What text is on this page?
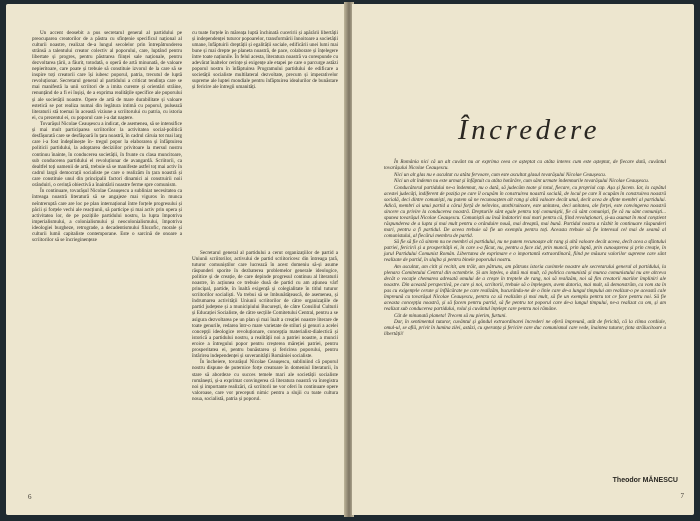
Un accent deosebit a pus secretarul general al partidului pe preocuparea creatorilor de a păstra cu sfințenie specificul național al culturii noastre, realizat de-a lungul secolelor prin întrepătrunderea strânsă a talentului creator colectiv al poporului, care, luptând pentru libertate și progres, pentru păstrarea ființei sale naționale, pentru dezvoltarea țării, a făurit, totodată, o operă de artă minunată, de valoare nepieritoare, care poate și trebuie să constituie izvorul de la care să se inspire toți creatorii care își iubesc poporul, patria, trecutul de luptă revoluționar. Secretarul general al partidului a criticat tendința care se mai manifestă la unii scriitori de a imita curente și orientări străine, renunțând de a fi ei înșiși, de a exprima realitățile specifice ale poporului și ale societății noastre. Opere de artă de mare durabilitate și valoare estetică se pot realiza numai din legătura intimă cu poporul, pulsează literaturii stă toemai în această viziune a scriitorului cu patria, cu istoria ei, cu prezentul ei, cu poporul care i-a dat naștere.

Tovarășul Nicolae Ceaușescu a indicat, de asemenea, să se intensifice și mai mult participarea scriitorilor la activitatea social-politică desfășurată care se desfășoară în țara noastră, în cadrul căruia tot mai larg care i-a fost îndeplinește în- tregul popor la elaborarea și înfăptuirea politicii partidului, la adoptarea deciziilor privitoare la mersul nostru continuu înainte, în conducerea societății, în frunte cu clasa muncitoare, sub conducerea partidului el revoluționar de avangardă. Scriitorii, ca dealtfel toți oamenii de artă, trebuie să se manifeste astfel toț mai activ în cadrul largii democrații socialiste pe care o realizăm în țara noastră și care constituie unul din principalii factori dinamici ai construirii noii orânduiri, o cerință obiectivă a înaintării noastre ferme spre comunism.

În continuare, tovarășul Nicolae Ceaușescu a subliniat necesitatea ca întreaga noastră literatură să se angajeze mai viguros în munca neîntreruptă care are loc pe plan internațional între forțele progresului și păcii și forțele vechi ale reacțiunii, să participe și mai activ prin opera și activitatea lor, de pe pozițiile partidului nostru, la lupta împotriva imperialismului, a colonialismului și neocolonialismului, împotriva ideologiei burgheze, retrograde, a decadentismului filozofic, morale și culturii lumii capitaliste contemporane. Este o sarcină de onoare a scriitorilor să se încrieginențeze

cu toate forțele în măreața luptă închinată cuceririi și apărării libertății și independenței tuturor popoarelor, transformării înnoitoare a societății umane, înfăptuirii dreptății și egalității sociale, edificării unei lumi mai bune și mai drepte pe planeta noastră, de pace, colaborare și înțelegere între toate națiunile. În felul acesta, literatura noastră va corespunde cu adevărat înaltelor cerințe și exigențe ale etapei pe care o parcurge astăzi poporul nostru în înfăptuirea Programului partidului de edificare a societății socialiste multilateral dezvoltate, precum și imperativelor supreme ale luptei mondiale pentru înfăptuirea idealurilor de bunăstare și fericire ale întregii umanități.

Secretarul general al partidului a cerut organizațiilor de partid a Uniunii scriitorilor, activului de partid scriitoricesc din întreaga țară, tuturor comuniștilor care lucrează în acest domeniu să-și asume răspunderi sporite în dezbaterea problemelor generale ideologice, politice și de creație, de care depinde progresul continuu al literaturii noastre, în acțiunea ce trebuie dusă de partid cu am ațiunea vârf principal, partide, în înaltă exigență și colegialitate în titlul tuturor scriitorilor socialiști. Va trebui să se îmbunătățească, de asemenea, și îndrumarea activității Uniunii scriitorilor de către organizațiile de partid județene și a municipiului București, de către Consiliul Culturii și Educației Socialiste, de către secțiile Comitetului Central, pentru a se asigura dezvoltarea pe un plan și mai înalt a creației noastre literare de toate genurile, redarea într-o mare varietate de stiluri și genuri a acelei concepții ideologice revoluționare, concepția materialist-dialectică și istorică a partidului nostru, a realității noi a patriei noastre, a muncii eroice a întregului popor pentru creșterea măreției patriei, pentru prosperitatea ei, pentru bunăstarea și fericirea poporului, pentru întărirea independenței și suveranității României socialiste.

În încheiere, tovarășul Nicolae Ceaușescu, subliniind că poporul nostru dispune de puternice forțe creatoare în domeniul literaturii, în stare să abordeze cu succes temele mari ale societății socialiste românești, și-a exprimat convingerea că literatura noastră va înregistra noi și importante realizări, că scriitorii ne vor oferi în continuare opere valoroase, care vor preceputi nimic pentru a slujii cu toate cultura noua, socialistă, patria și poporul.

6
Încredere

În România nici că un alt cuvânt nu ar exprima ceea ce așteptat ca atâta interes cum este așteptat, de fiecare dată, cuvântul tovarășului Nicolae Ceaușescu.

Nici un alt glas nu e ascultat cu atâta fervoare, cum este ascultat glasul tovarășului Nicolae Ceaușescu.

Nici un alt îndemn nu este urmat și înfăptuit cu atâta hotărâre, cum sânt urmate îndemnurile tovarășului Nicolae Ceaușescu.

Conducătorul partidului ne-a îndemnat, nu o dată, să judecăm toate și totul, fiecare, cu propriul cap. Așa și facem. Iar, la capătul acestei judecăți, indiferent de poziția pe care îl ocupăm în construirea noastră socială, de locul pe care îl ocupăm în construirea noastră socială, deci dintre comuniști, nu putem să ne recunoaștem alt rang și altă valoare decât unul, decît acea de sfinte membri al partidului. Adică, membri ai unui partid a cărui forță de neînvins, atotbiruitoare, este unitatea, deci unitatea, ale forței, este convingerea noastră sincere cu privire la conducerea noastră. Drepturile sânt egale pentru toți comuniștii, fie că sânt comuniști, fie că nu sânt comuniști... spunea tovarășul Nicolae Ceaușescu. Comuniștii au însă îndatoriri mai mari pentru că, fiind revoluționari, și-au asumat în mod conștient răspunderea de a lupta și mai mult pentru o orânduire nouă, mai dreaptă, mai bună. Partidul nostru a răzbit în continuare răspunderi mari, pentru a fi partidul. De aceea trebuie să fie un exemplu pentru toți. Aceasta trebuie să fie interesul cel mai de seamă al comunistului, al fiecărui membru de partid.

Să fie să fie că sintem nu ne membri ai partidului, nu ne putem recunoaște alt rang și altă valoare decât aceea, decît acea a sfântului patriei, fericirii și a prosperității ei, în care s-a făcut, nu, pentru a face zid, prin muncă, prin luptă, prin cunoașterea și prin creație, în jurul Partidului Comunist Român. Libertatea de exprimare e o importantă extraordinară, fiind pe măsura valorilor supreme care sânt realizate de partid, în slujba și pentru binele poporului nostru.

Am ascultat, am citit și recitit, am trăit, am pătruns, am pătruns istoria cuvintele noastre ale secretarului general al partidului, la plenara Comitetului Central din octombrie. Și am înțeles, o dată mai mult, că politica comunistă și munca comunistului nu are altceva decât o vocație chemarea adresată omului de a crește în treptele de rang, noi să realizăm, noi să fim creatorii marilor împliniri ale noastre. Din această perspectivă, pe care și noi, scriitorii, trebuie să o înțelegem, avem datoria, mai mult, să demonstrăm, ca vom sta în pas cu exigențele cerute și înflăcărate pe care realizăm, bucurându-ne de o linie care de-a lungul timpului am realizat-o pe această cale împreună cu tovarășul Nicolae Ceaușescu, pentru ca să realizăm și mai mult, să fie un exemplu pentru tot ce face pentru noi. Să fie aceasta concepția noastră, și să facem pentru partid, să fie pentru tot poporul care de-a lungul timpului, ne-a realizat ca om, și am realizat sub conducerea partidului, rolul și cuvântul înțelept care pentru noi rămâne.

Cât de minunată planeta! Trecem să nu pierim, furtuni.

Dar, în sentimentul tuturor, cuvântul și gândul extraordinarei încrederi ne oferă împreună, atât de fericită, că la clima cordiale, omul-ul, se află, privit în lumina zilei, astăzi, cu speranța și fericire care duc comunismul care vede, înaintea tuturor, ținta strălucitoare a libertății!

Theodor MĂNESCU
7
